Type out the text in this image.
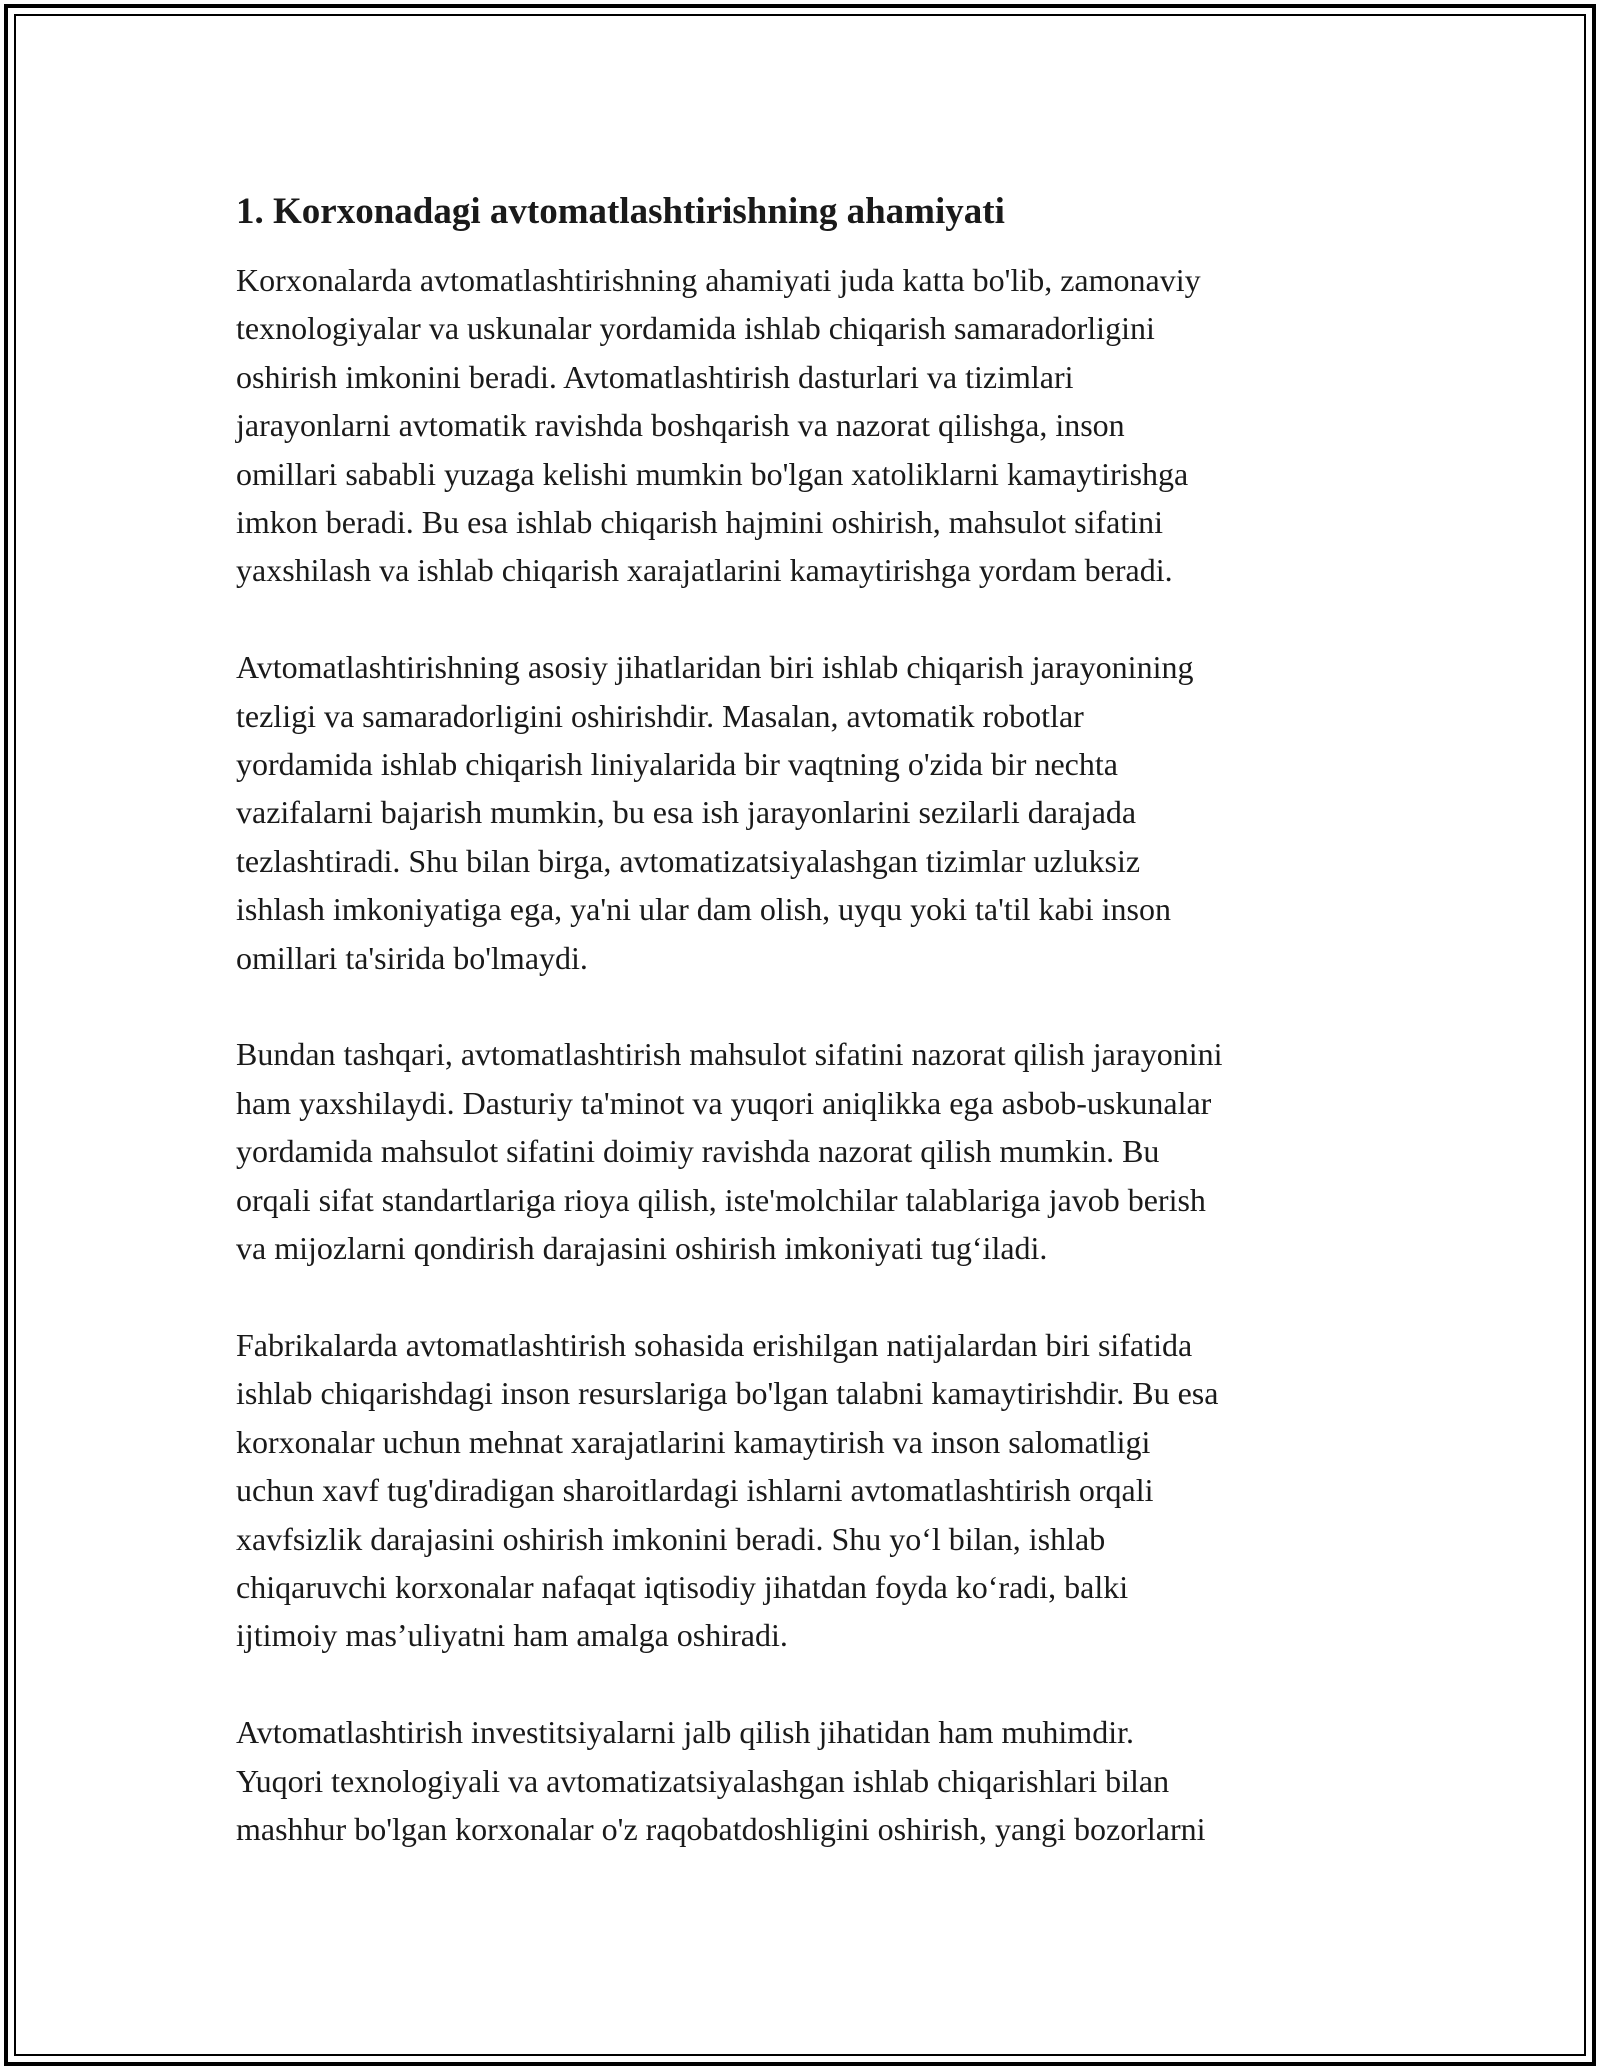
1. Korxonadagi avtomatlashtirishning ahamiyati

Korxonalarda avtomatlashtirishning ahamiyati juda katta bo'lib, zamonaviy
texnologiyalar va uskunalar yordamida ishlab chiqarish samaradorligini
oshirish imkonini beradi. Avtomatlashtirish dasturlari va tizimlari
jarayonlarni avtomatik ravishda boshqarish va nazorat qilishga, inson
omillari sababli yuzaga kelishi mumkin bo'lgan xatoliklarni kamaytirishga
imkon beradi. Bu esa ishlab chiqarish hajmini oshirish, mahsulot sifatini
yaxshilash va ishlab chiqarish xarajatlarini kamaytirishga yordam beradi.

Avtomatlashtirishning asosiy jihatlaridan biri ishlab chiqarish jarayonining
tezligi va samaradorligini oshirishdir. Masalan, avtomatik robotlar
yordamida ishlab chiqarish liniyalarida bir vaqtning o'zida bir nechta
vazifalarni bajarish mumkin, bu esa ish jarayonlarini sezilarli darajada
tezlashtiradi. Shu bilan birga, avtomatizatsiyalashgan tizimlar uzluksiz
ishlash imkoniyatiga ega, ya'ni ular dam olish, uyqu yoki ta'til kabi inson
omillari ta'sirida bo'lmaydi.

Bundan tashqari, avtomatlashtirish mahsulot sifatini nazorat qilish jarayonini
ham yaxshilaydi. Dasturiy ta'minot va yuqori aniqlikka ega asbob-uskunalar
yordamida mahsulot sifatini doimiy ravishda nazorat qilish mumkin. Bu
orqali sifat standartlariga rioya qilish, iste'molchilar talablariga javob berish
va mijozlarni qondirish darajasini oshirish imkoniyati tug‘iladi.

Fabrikalarda avtomatlashtirish sohasida erishilgan natijalardan biri sifatida
ishlab chiqarishdagi inson resurslariga bo'lgan talabni kamaytirishdir. Bu esa
korxonalar uchun mehnat xarajatlarini kamaytirish va inson salomatligi
uchun xavf tug'diradigan sharoitlardagi ishlarni avtomatlashtirish orqali
xavfsizlik darajasini oshirish imkonini beradi. Shu yo‘l bilan, ishlab
chiqaruvchi korxonalar nafaqat iqtisodiy jihatdan foyda ko‘radi, balki
ijtimoiy mas’uliyatni ham amalga oshiradi.

Avtomatlashtirish investitsiyalarni jalb qilish jihatidan ham muhimdir.
Yuqori texnologiyali va avtomatizatsiyalashgan ishlab chiqarishlari bilan
mashhur bo'lgan korxonalar o'z raqobatdoshligini oshirish, yangi bozorlarni
